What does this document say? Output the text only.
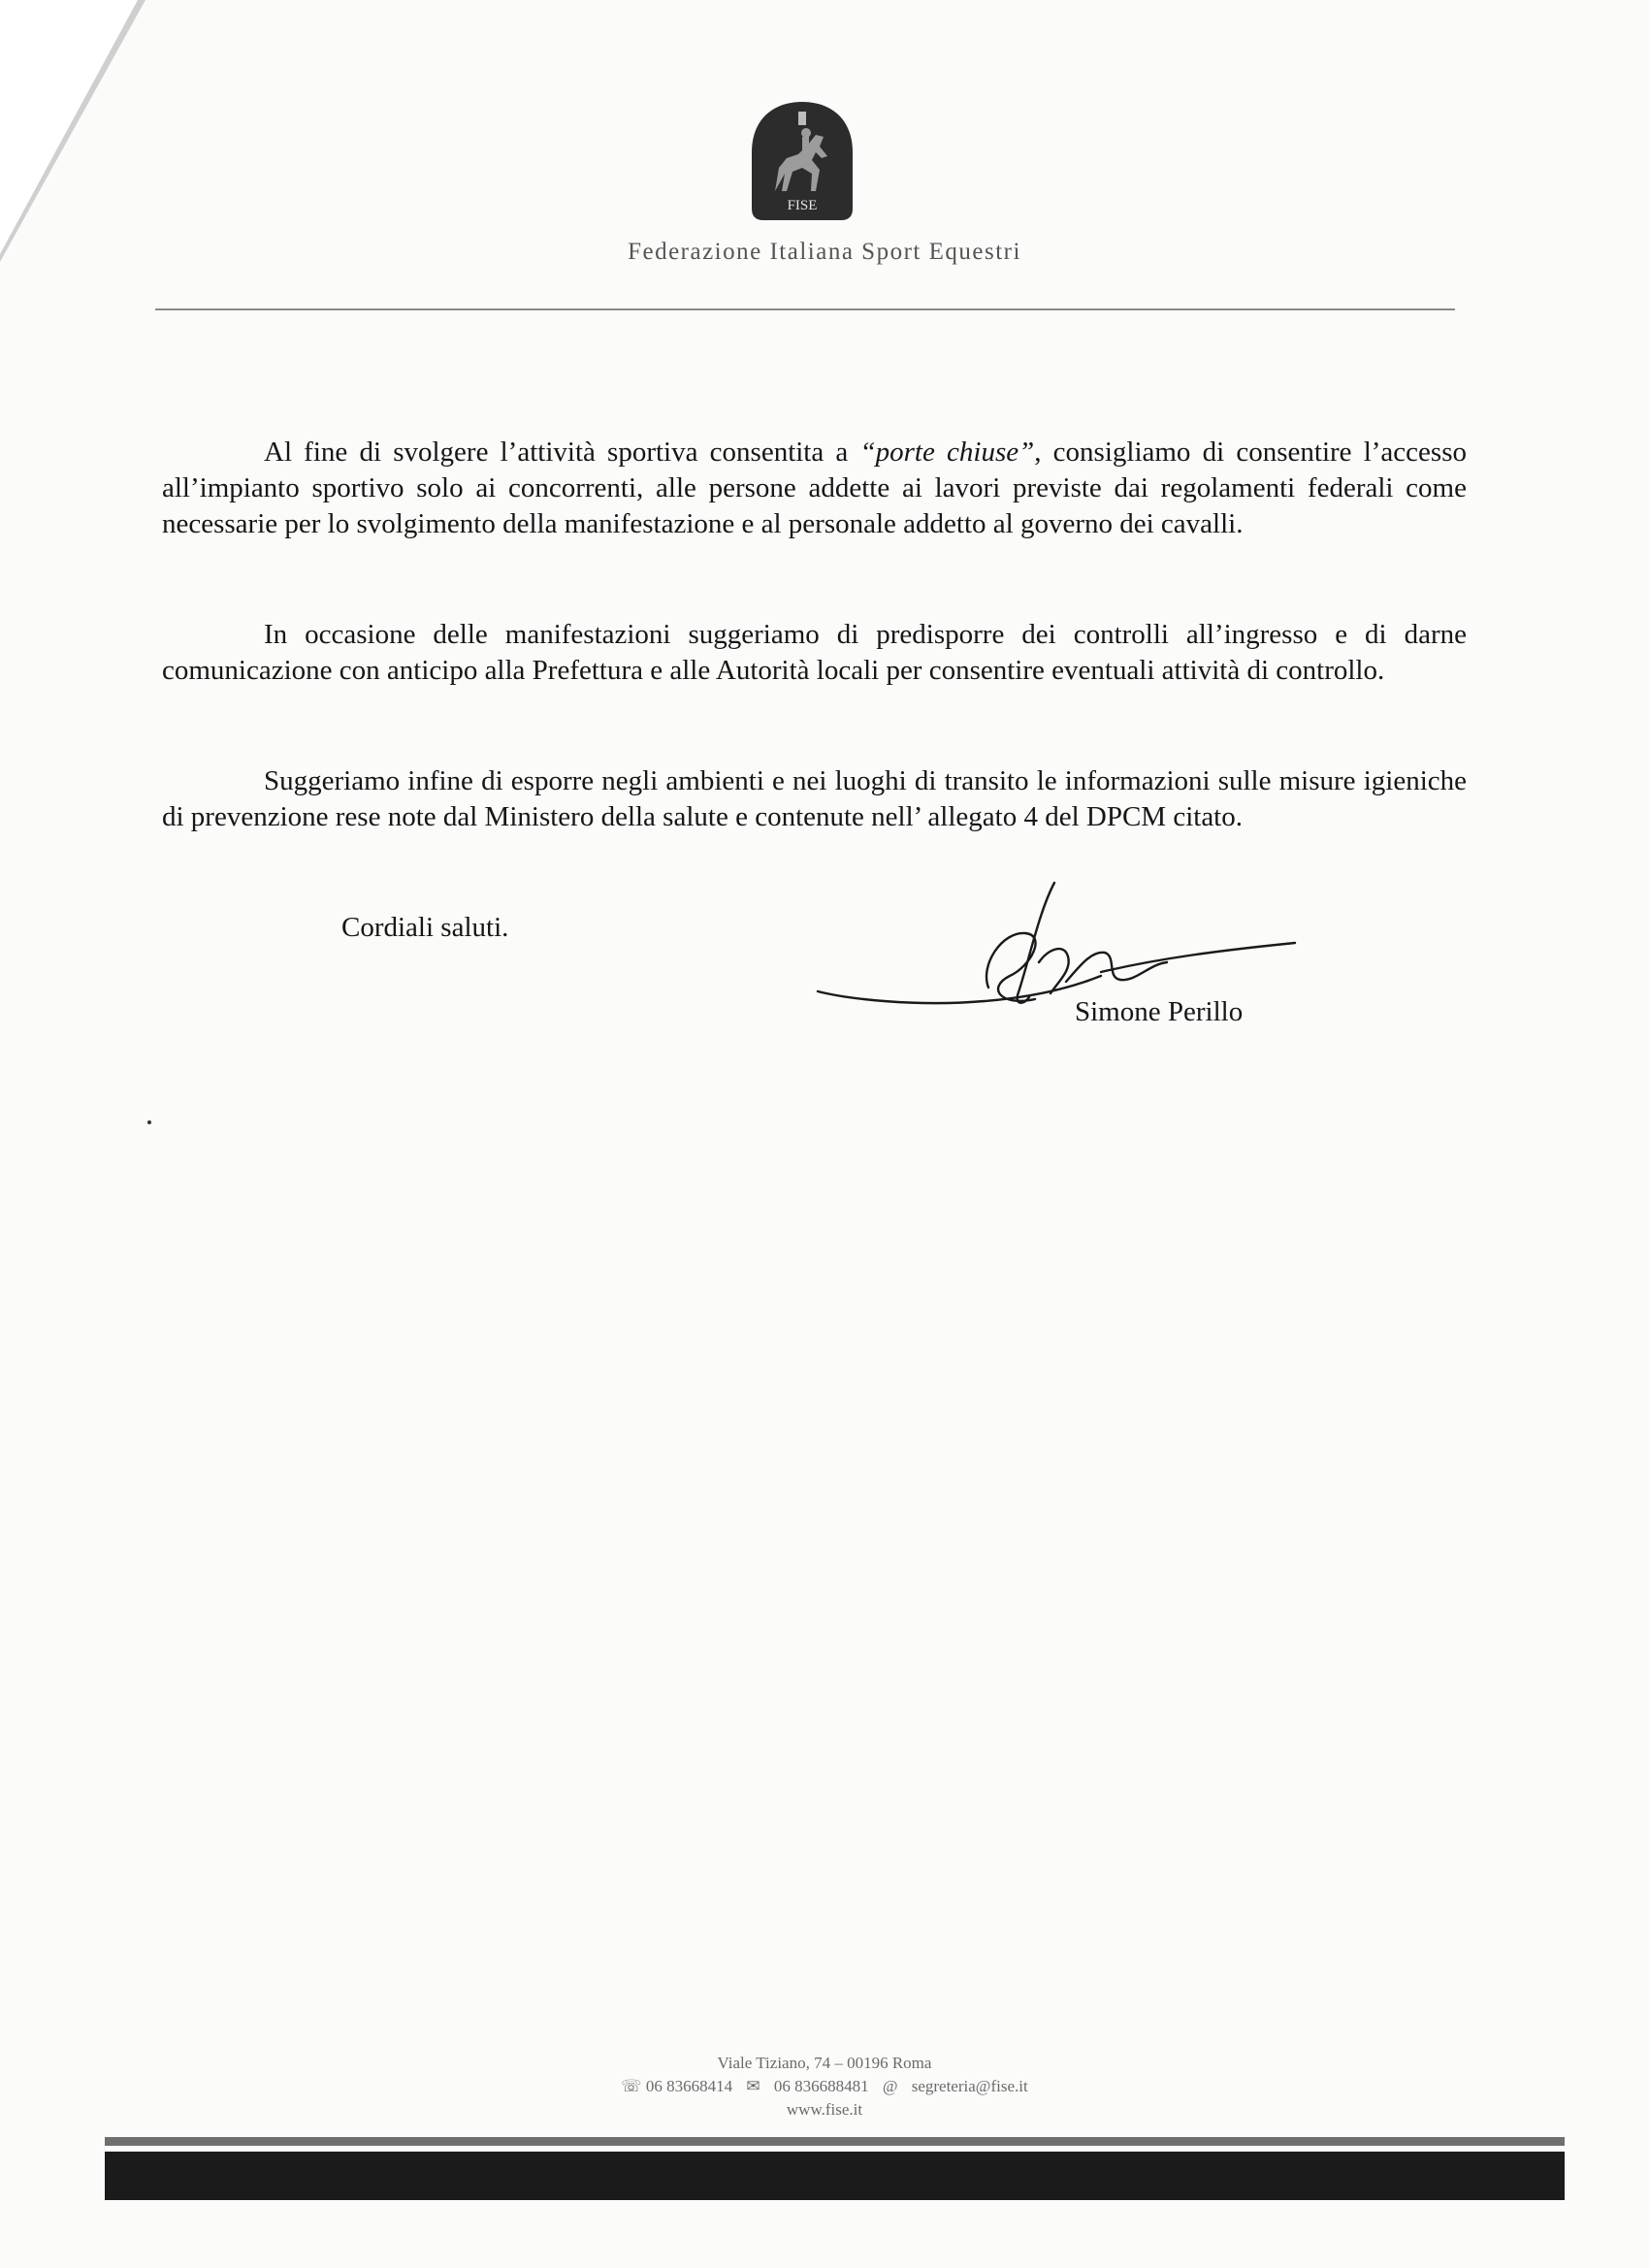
FISE
Federazione Italiana Sport Equestri

Al fine di svolgere l’attività sportiva consentita a “porte chiuse”, consigliamo di consentire l’accesso all’impianto sportivo solo ai concorrenti, alle persone addette ai lavori previste dai regolamenti federali come necessarie per lo svolgimento della manifestazione e al personale addetto al governo dei cavalli.

In occasione delle manifestazioni suggeriamo di predisporre dei controlli all’ingresso e di darne comunicazione con anticipo alla Prefettura e alle Autorità locali per consentire eventuali attività di controllo.

Suggeriamo infine di esporre negli ambienti e nei luoghi di transito le informazioni sulle misure igieniche di prevenzione rese note dal Ministero della salute e contenute nell’ allegato 4 del DPCM citato.

Cordiali saluti.
Simone Perillo
Viale Tiziano, 74 – 00196 Roma
☏ 06 83668414 ✉ 06 836688481 @ segreteria@fise.it
www.fise.it
